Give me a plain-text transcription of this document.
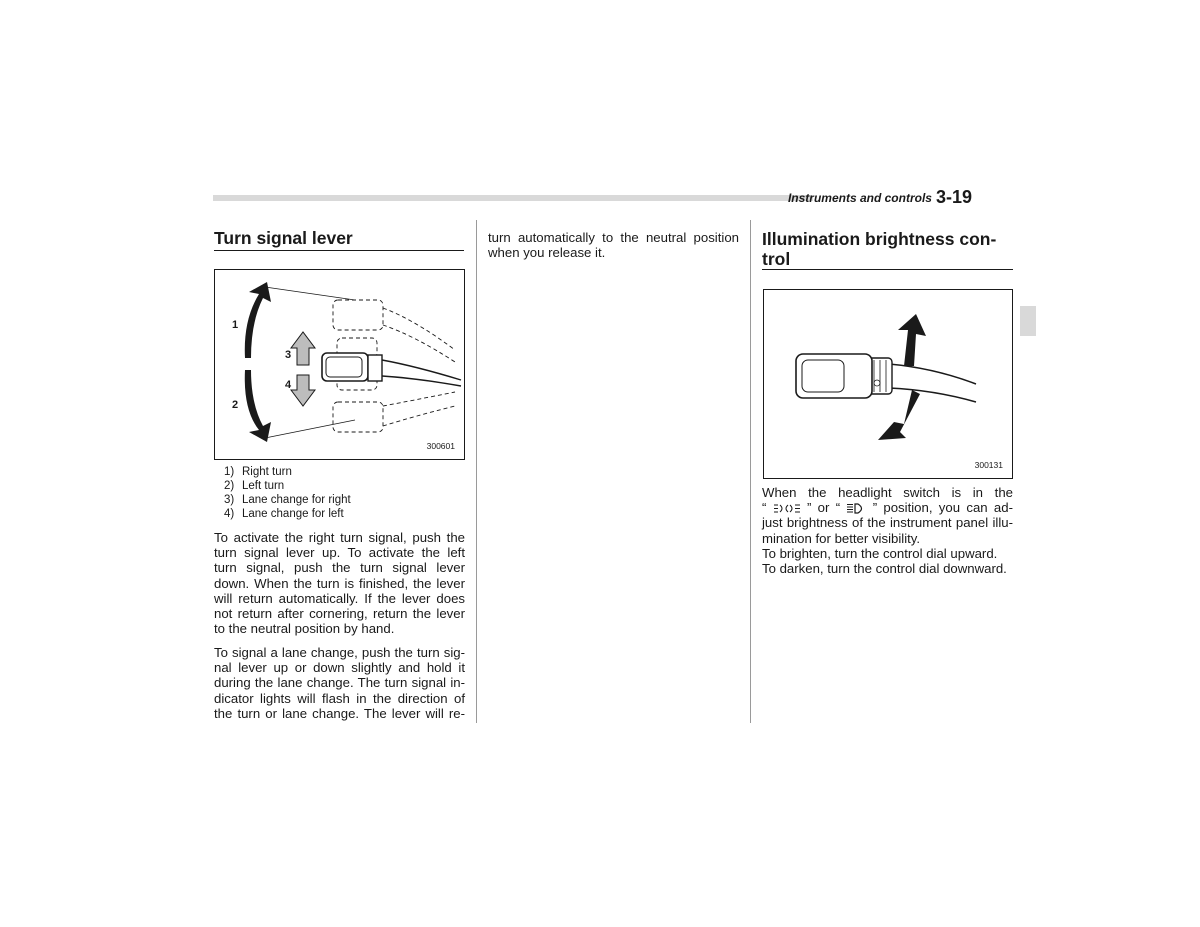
Instruments and controls 3-19
Turn signal lever
1
2
3
4
300601
1) Right turn
2) Left turn
3) Lane change for right
4) Lane change for left
To activate the right turn signal, push the
turn signal lever up. To activate the left
turn signal, push the turn signal lever
down. When the turn is finished, the lever
will return automatically. If the lever does
not return after cornering, return the lever
to the neutral position by hand.
To signal a lane change, push the turn sig-
nal lever up or down slightly and hold it
during the lane change. The turn signal in-
dicator lights will flash in the direction of
the turn or lane change. The lever will re-
turn automatically to the neutral position
when you release it.
Illumination brightness con-
trol
300131
When the headlight switch is in the
“	” or “ ” position, you can ad-
just brightness of the instrument panel illu-
mination for better visibility.
To brighten, turn the control dial upward.
To darken, turn the control dial downward.
